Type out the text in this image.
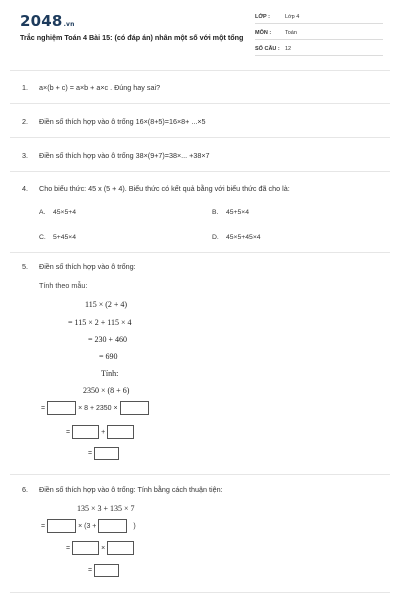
2048.vn
Trắc nghiệm Toán 4 Bài 15: (có đáp án) nhân một số với một tổng
LỚP :	Lớp 4
MÔN :	Toán
SỐ CÂU : 12
1. a×(b + c) = a×b + a×c . Đúng hay sai?
2. Điền số thích hợp vào ô trống 16×(8+5)=16×8+ ...×5
3. Điền số thích hợp vào ô trống 38×(9+7)=38×... +38×7
4. Cho biểu thức: 45 x (5 + 4). Biểu thức có kết quả bằng với biểu thức đã cho là:
A. 45×5+4	B. 45+5×4
C. 5+45×4	D. 45×5+45×4
5. Điền số thích hợp vào ô trống:
Tính theo mẫu:
115 × (2 + 4)
= 115 × 2 + 115 × 4
= 230 + 460
= 690
Tính:
2350 × (8 + 6)
=	× 8 + 2350 ×
=	+
=
6. Điền số thích hợp vào ô trống: Tính bằng cách thuận tiện:
135 × 3 + 135 × 7
=	× (3 +	)
=	×
=
